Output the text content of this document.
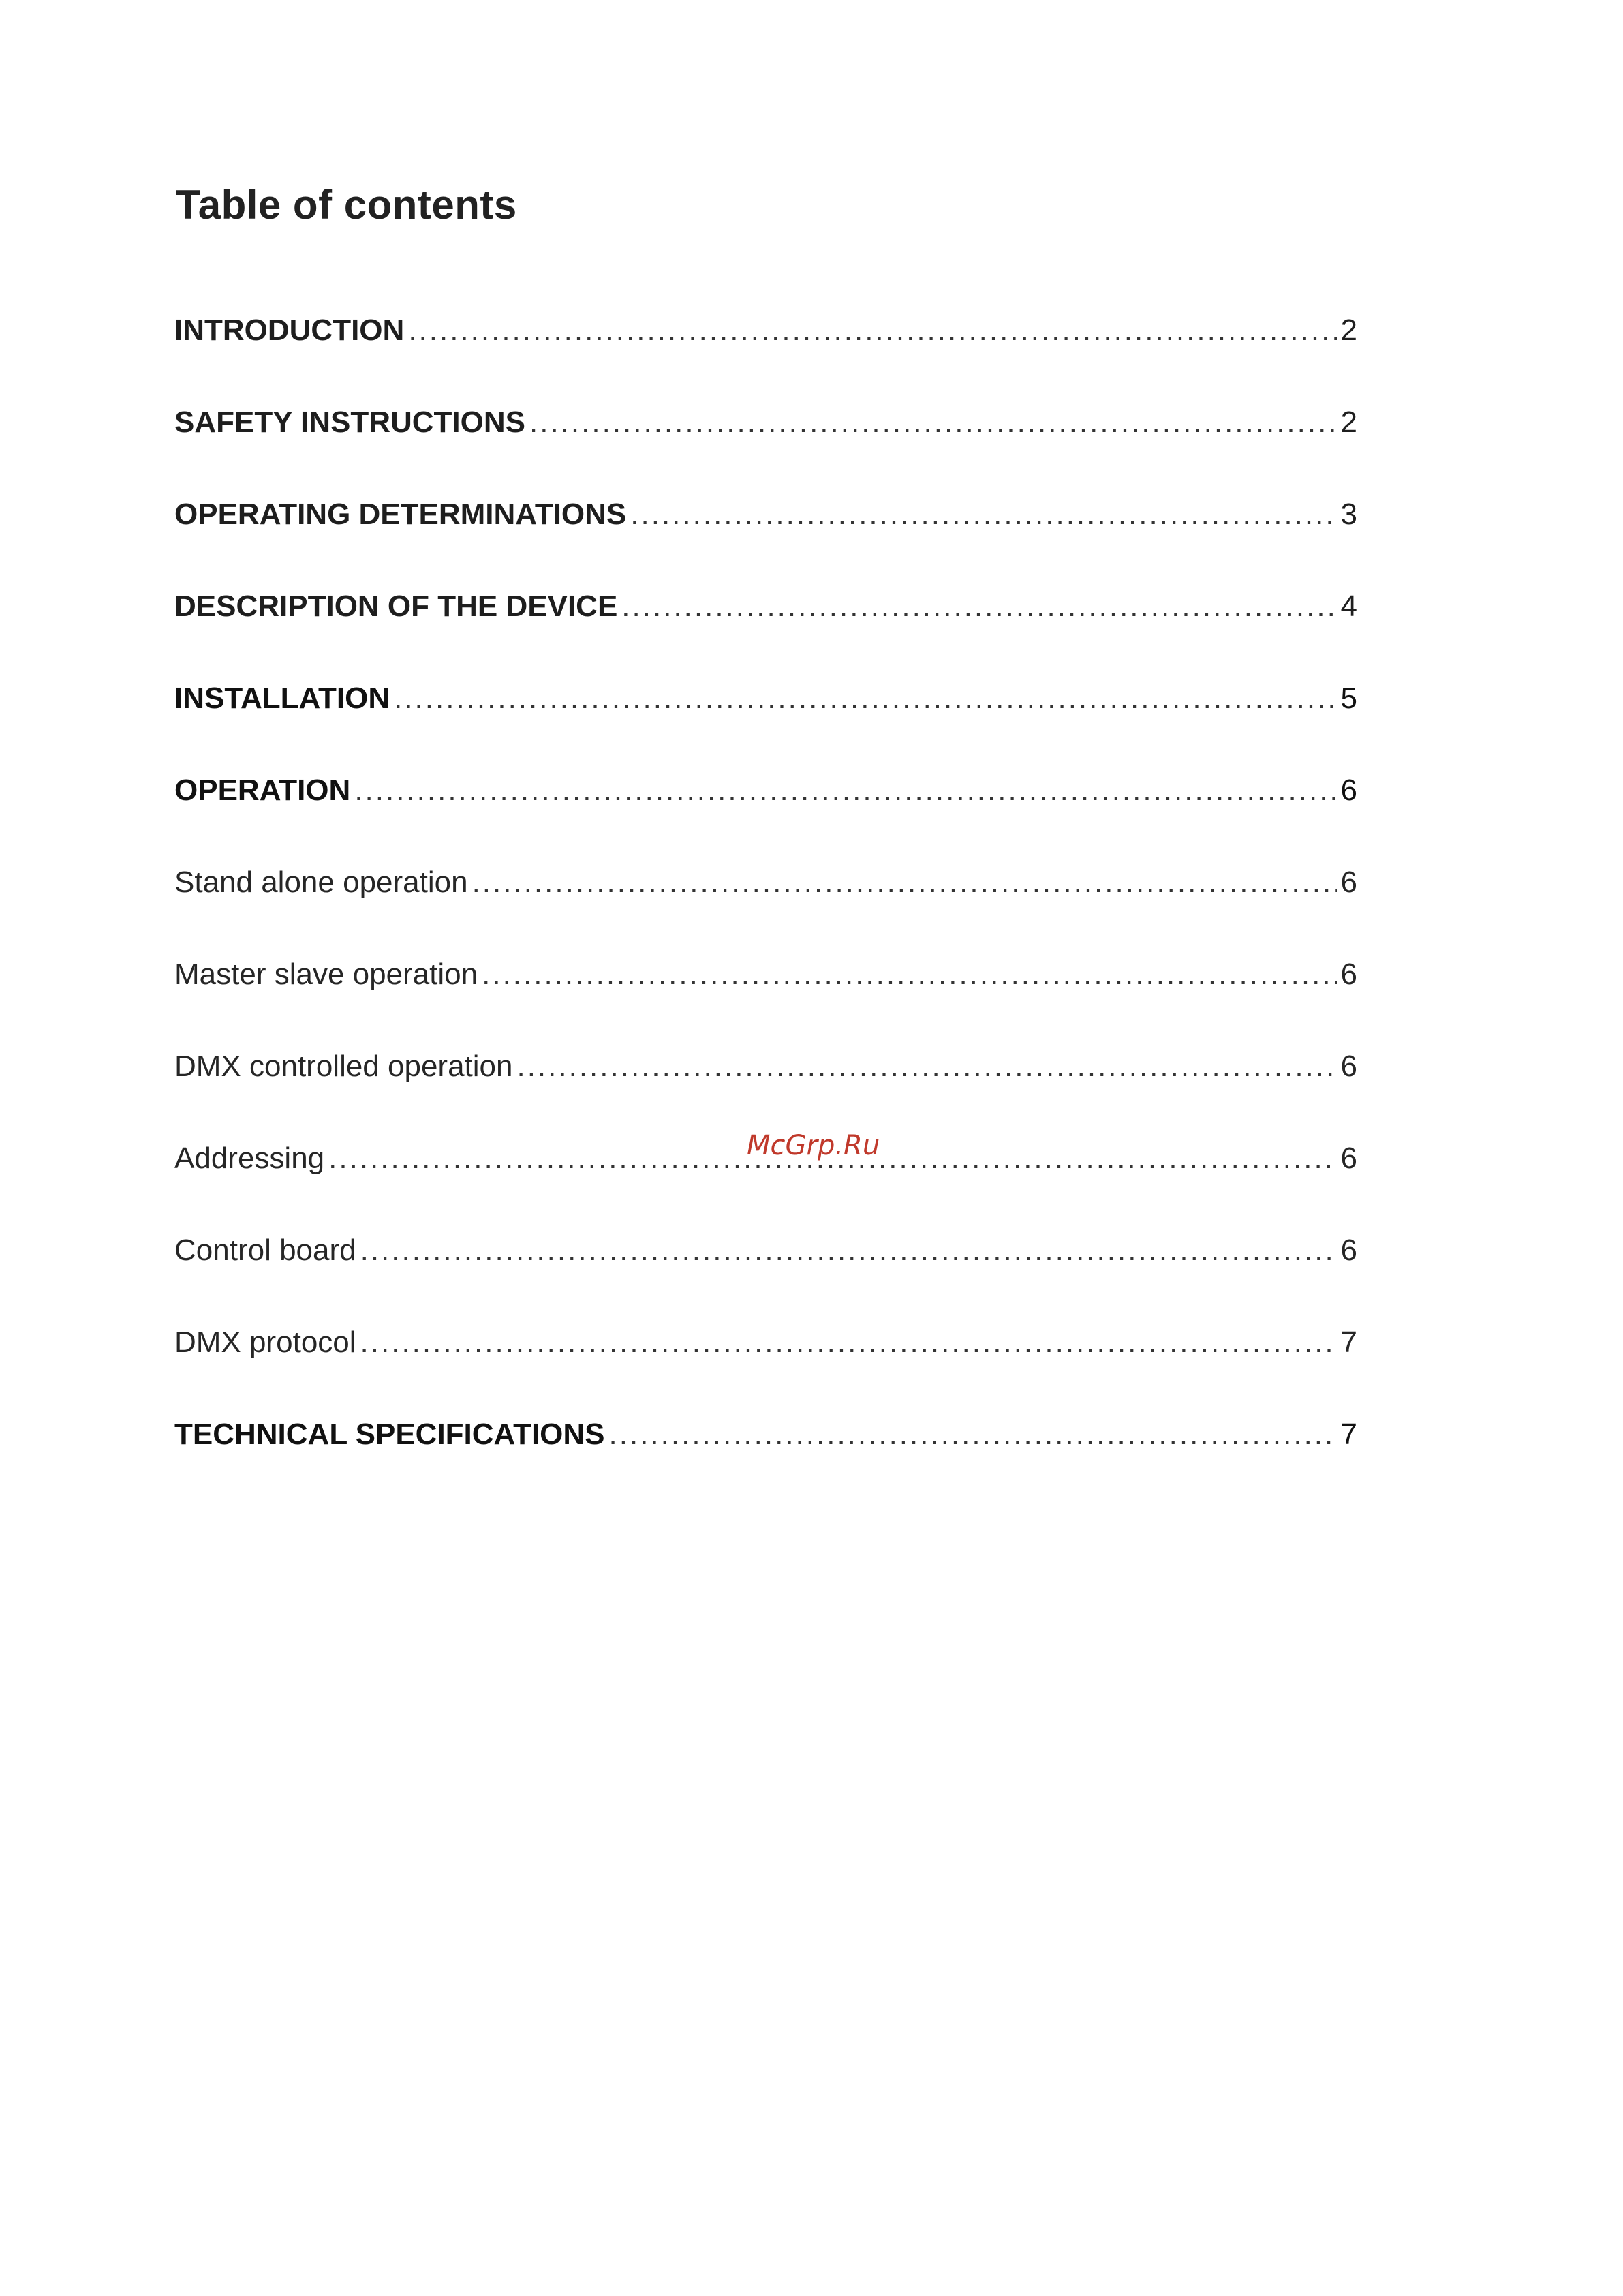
Table of contents
INTRODUCTION .....	2
SAFETY INSTRUCTIONS .....	2
OPERATING DETERMINATIONS .....	3
DESCRIPTION OF THE DEVICE .....	4
INSTALLATION .....	5
OPERATION .....	6
Stand alone operation .....	6
Master slave operation .....	6
DMX controlled operation .....	6
Addressing .....	6
Control board .....	6
DMX protocol .....	7
TECHNICAL SPECIFICATIONS .....	7
McGrp.Ru
